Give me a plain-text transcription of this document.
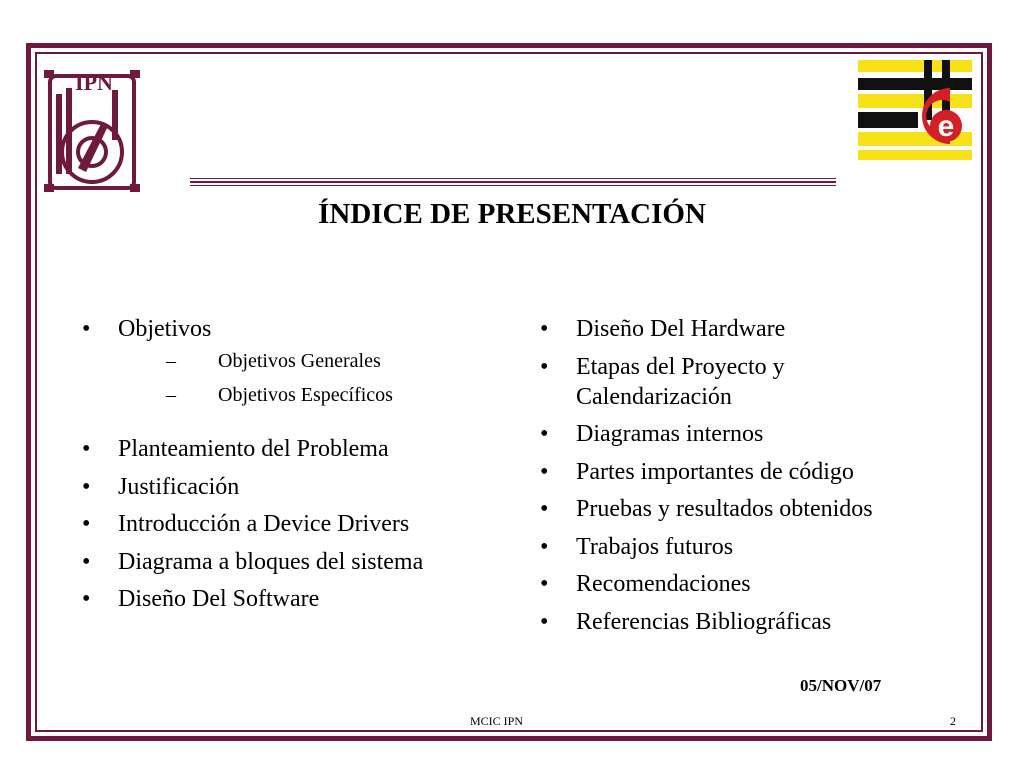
IPN
e
ÍNDICE DE PRESENTACIÓN
• Objetivos
– Objetivos Generales
– Objetivos Específicos
• Planteamiento del Problema
• Justificación
• Introducción a Device Drivers
• Diagrama a bloques del sistema
• Diseño Del Software
• Diseño Del Hardware
• Etapas del Proyecto y Calendarización
• Diagramas internos
• Partes importantes de código
• Pruebas y resultados obtenidos
• Trabajos futuros
• Recomendaciones
• Referencias Bibliográficas
05/NOV/07
MCIC IPN	2
